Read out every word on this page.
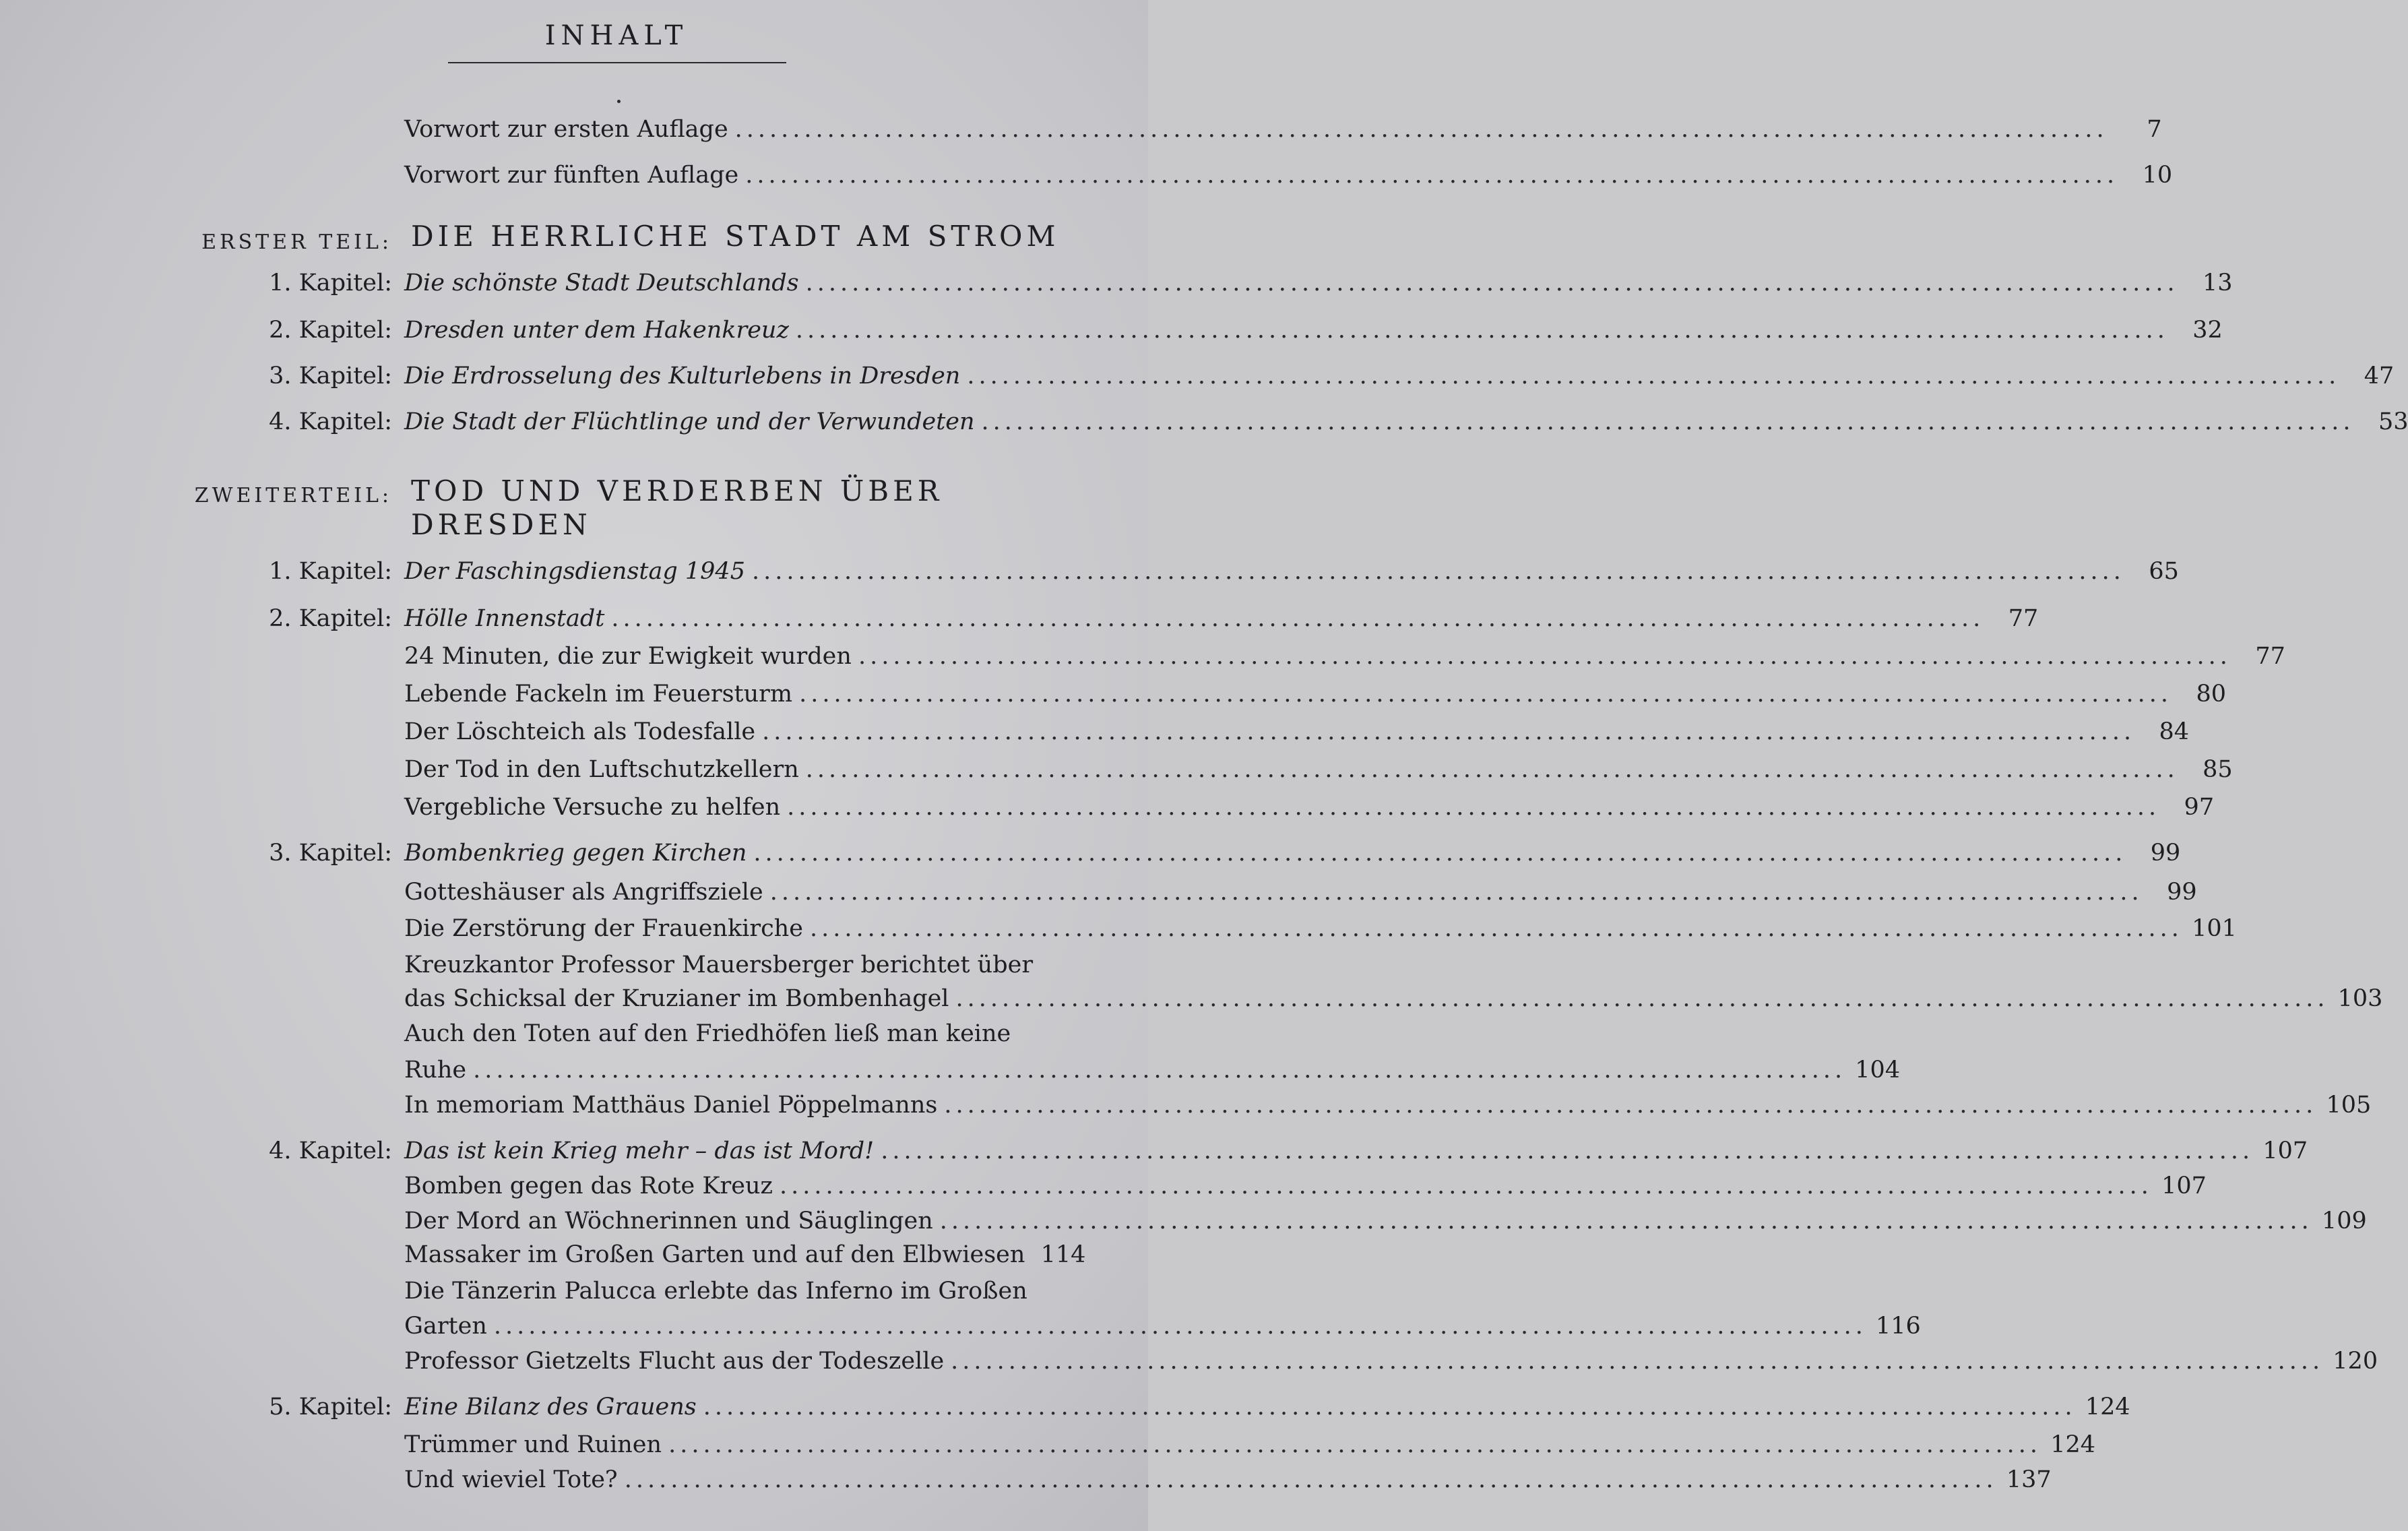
INHALT
Vorwort zur ersten Auflage .......................................................................................................................	7
Vorwort zur fünften Auflage .......................................................................................................................	10
ERSTER TEIL: DIE HERRLICHE STADT AM STROM
1. Kapitel: Die schönste Stadt Deutschlands .......................................................................................................................	13
2. Kapitel: Dresden unter dem Hakenkreuz .......................................................................................................................	32
3. Kapitel: Die Erdrosselung des Kulturlebens in Dresden .......................................................................................................................	47
4. Kapitel: Die Stadt der Flüchtlinge und der Verwundeten .......................................................................................................................	53
ZWEITERTEIL: TOD UND VERDERBEN ÜBER
DRESDEN
1. Kapitel: Der Faschingsdienstag 1945 .......................................................................................................................	65
2. Kapitel: Hölle Innenstadt .......................................................................................................................	77
24 Minuten, die zur Ewigkeit wurden .......................................................................................................................	77
Lebende Fackeln im Feuersturm .......................................................................................................................	80
Der Löschteich als Todesfalle .......................................................................................................................	84
Der Tod in den Luftschutzkellern .......................................................................................................................	85
Vergebliche Versuche zu helfen .......................................................................................................................	97
3. Kapitel: Bombenkrieg gegen Kirchen .......................................................................................................................	99
Gotteshäuser als Angriffsziele .......................................................................................................................	99
Die Zerstörung der Frauenkirche ....................................................................................................................... 101
Kreuzkantor Professor Mauersberger berichtet über
das Schicksal der Kruzianer im Bombenhagel ....................................................................................................................... 103
Auch den Toten auf den Friedhöfen ließ man keine
Ruhe ....................................................................................................................... 104
In memoriam Matthäus Daniel Pöppelmanns ....................................................................................................................... 105
4. Kapitel: Das ist kein Krieg mehr – das ist Mord! ....................................................................................................................... 107
Bomben gegen das Rote Kreuz ....................................................................................................................... 107
Der Mord an Wöchnerinnen und Säuglingen ....................................................................................................................... 109
Massaker im Großen Garten und auf den Elbwiesen 114
Die Tänzerin Palucca erlebte das Inferno im Großen
Garten ....................................................................................................................... 116
Professor Gietzelts Flucht aus der Todeszelle ....................................................................................................................... 120
5. Kapitel: Eine Bilanz des Grauens ....................................................................................................................... 124
Trümmer und Ruinen ....................................................................................................................... 124
Und wieviel Tote? ....................................................................................................................... 137
